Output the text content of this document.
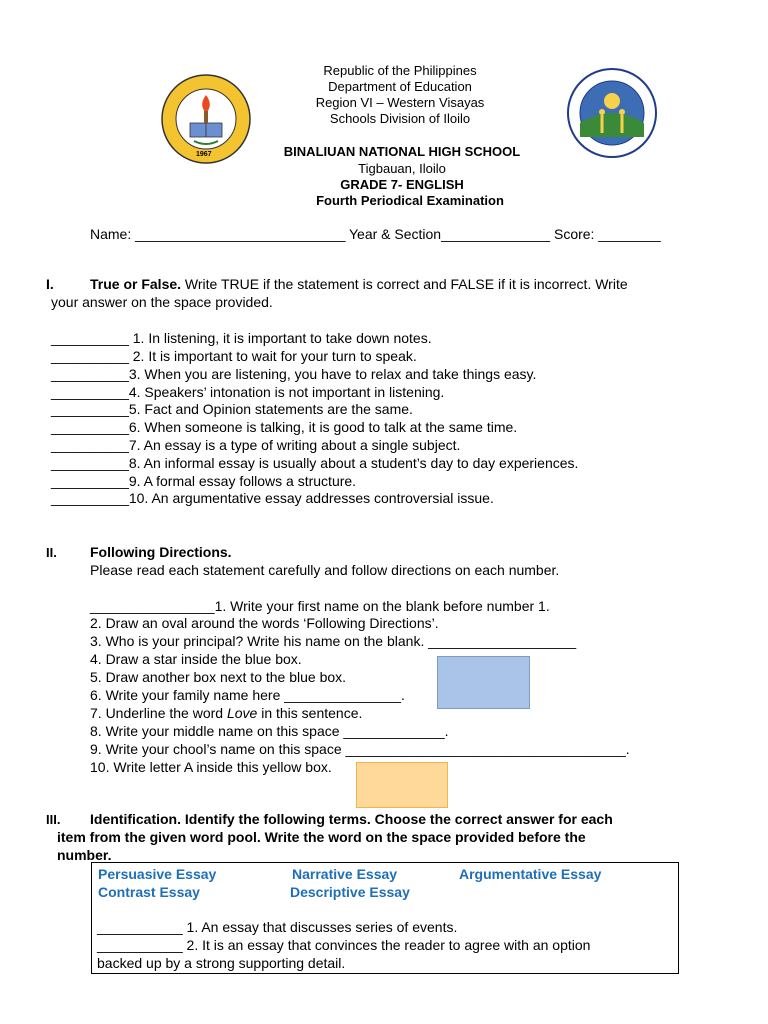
1967
Republic of the Philippines
Department of Education
Region VI – Western Visayas
Schools Division of Iloilo
BINALIUAN NATIONAL HIGH SCHOOL
Tigbauan, Iloilo
GRADE 7- ENGLISH
Fourth Periodical Examination
Name: ___________________________ Year & Section______________ Score: ________
I.	True or False. Write TRUE if the statement is correct and FALSE if it is incorrect. Write
your answer on the space provided.
__________ 1. In listening, it is important to take down notes.
__________ 2. It is important to wait for your turn to speak.
__________3. When you are listening, you have to relax and take things easy.
__________4. Speakers’ intonation is not important in listening.
__________5. Fact and Opinion statements are the same.
__________6. When someone is talking, it is good to talk at the same time.
__________7. An essay is a type of writing about a single subject.
__________8. An informal essay is usually about a student’s day to day experiences.
__________9. A formal essay follows a structure.
__________10. An argumentative essay addresses controversial issue.
II. Following Directions.
Please read each statement carefully and follow directions on each number.
________________1. Write your first name on the blank before number 1.
2. Draw an oval around the words ‘Following Directions’.
3. Who is your principal? Write his name on the blank. ___________________
4. Draw a star inside the blue box.
5. Draw another box next to the blue box.
6. Write your family name here _______________.
7. Underline the word Love in this sentence.
8. Write your middle name on this space _____________.
9. Write your chool’s name on this space ____________________________________.
10. Write letter A inside this yellow box.
III. Identification. Identify the following terms. Choose the correct answer for each
item from the given word pool. Write the word on the space provided before the
number.
Persuasive Essay	Narrative Essay	Argumentative Essay
Contrast Essay	Descriptive Essay
___________ 1. An essay that discusses series of events.
___________ 2. It is an essay that convinces the reader to agree with an option
backed up by a strong supporting detail.
